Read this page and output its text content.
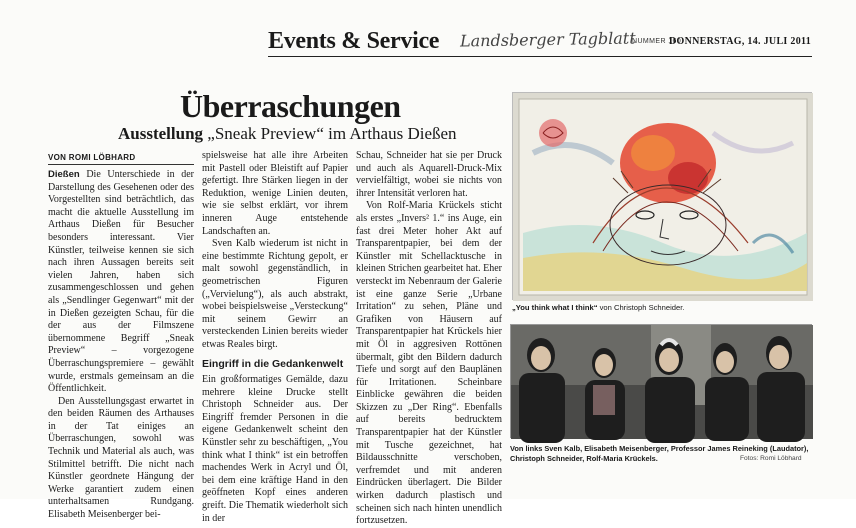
Events & Service Landsberger Tagblatt
NUMMER 160
DONNERSTAG, 14. JULI 2011
Überraschungen
Ausstellung „Sneak Preview“ im Arthaus Dießen
VON ROMI LÖBHARD

Dießen Die Unterschiede in der Darstellung des Gesehenen oder des Vorgestellten sind beträchtlich, das macht die aktuelle Ausstellung im Arthaus Dießen für Besucher besonders interessant. Vier Künstler, teilweise kennen sie sich nach ihren Aussagen bereits seit vielen Jahren, haben sich zusammengeschlossen und gehen als „Sendlinger Gegenwart“ mit der in Dießen gezeigten Schau, für die der aus der Filmszene übernommene Begriff „Sneak Preview“ – vorgezogene Überraschungspremiere – gewählt wurde, erstmals gemeinsam an die Öffentlichkeit.

Den Ausstellungsgast erwartet in den beiden Räumen des Arthauses in der Tat einiges an Überraschungen, sowohl was Technik und Material als auch, was Stilmittel betrifft. Die nicht nach Künstler geordnete Hängung der Werke garantiert zudem einen unterhaltsamen Rundgang. Elisabeth Meisenberger bei-

spielsweise hat alle ihre Arbeiten mit Pastell oder Bleistift auf Papier gefertigt. Ihre Stärken liegen in der Reduktion, wenige Linien deuten, wie sie selbst erklärt, vor ihrem inneren Auge entstehende Landschaften an.

Sven Kalb wiederum ist nicht in eine bestimmte Richtung gepolt, er malt sowohl gegenständlich, in geometrischen Figuren („Vervielung“), als auch abstrakt, wobei beispielsweise „Versteckung“ mit seinem Gewirr an versteckenden Linien bereits wieder etwas Reales birgt.

Eingriff in die Gedankenwelt

Ein großformatiges Gemälde, dazu mehrere kleine Drucke stellt Christoph Schneider aus. Der Eingriff fremder Personen in die eigene Gedankenwelt scheint den Künstler sehr zu beschäftigen, „You think what I think“ ist ein betroffen machendes Werk in Acryl und Öl, bei dem eine kräftige Hand in den geöffneten Kopf eines anderen greift. Die Thematik wiederholt sich in der

Schau, Schneider hat sie per Druck und auch als Aquarell-Druck-Mix vervielfältigt, wobei sie nichts von ihrer Intensität verloren hat.

Von Rolf-Maria Krückels sticht als erstes „Invers² 1.“ ins Auge, ein fast drei Meter hoher Akt auf Transparentpapier, bei dem der Künstler mit Schellacktusche in kleinen Strichen gearbeitet hat. Eher versteckt im Nebenraum der Galerie ist eine ganze Serie „Urbane Irritation“ zu sehen, Pläne und Grafiken von Häusern auf Transparentpapier hat Krückels hier mit Öl in aggresiven Rottönen übermalt, gibt den Bildern dadurch Tiefe und sorgt auf den Bauplänen für Irritationen. Scheinbare Einblicke gewähren die beiden Skizzen zu „Der Ring“. Ebenfalls auf bereits bedrucktem Transparentpapier hat der Künstler mit Tusche gezeichnet, hat Bildausschnitte verschoben, verfremdet und mit anderen Eindrücken überlagert. Die Bilder wirken dadurch plastisch und scheinen sich nach hinten unendlich fortzusetzen.

„You think what I think“ von Christoph Schneider.
Von links Sven Kalb, Elisabeth Meisenberger, Professor James Reineking (Laudator), Christoph Schneider, Rolf-Maria Krückels.	Fotos: Romi Löbhard
